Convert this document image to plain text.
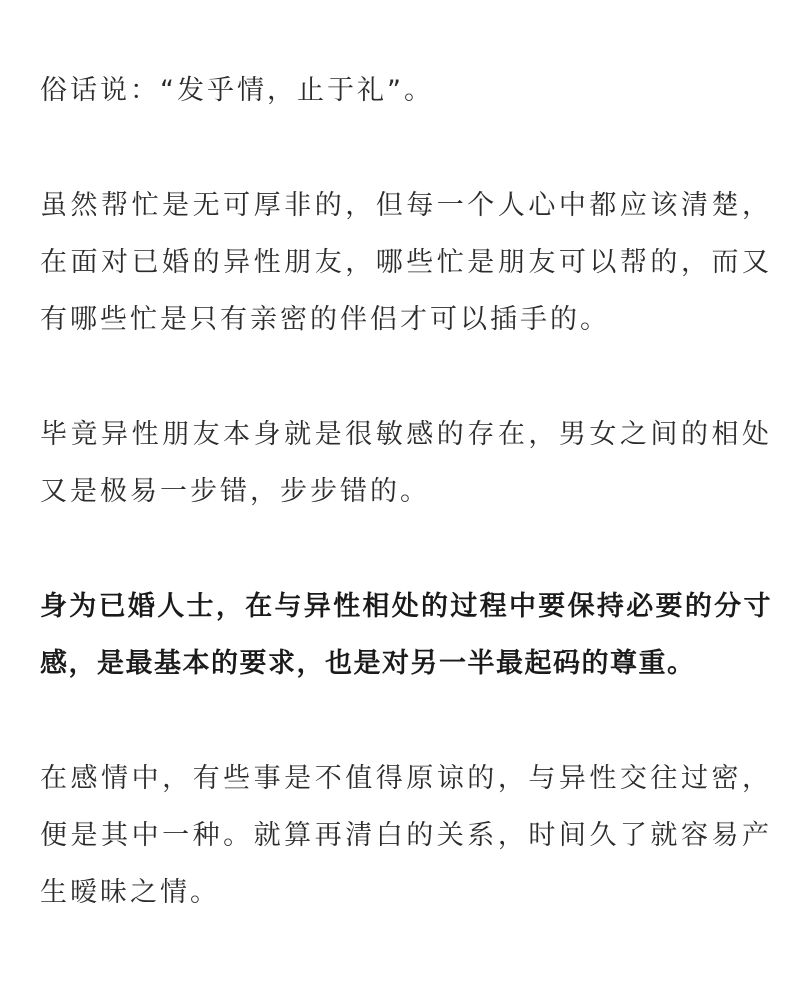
俗话说：“发乎情，止于礼”。

虽然帮忙是无可厚非的，但每一个人心中都应该清楚，在面对已婚的异性朋友，哪些忙是朋友可以帮的，而又有哪些忙是只有亲密的伴侣才可以插手的。

毕竟异性朋友本身就是很敏感的存在，男女之间的相处又是极易一步错，步步错的。

身为已婚人士，在与异性相处的过程中要保持必要的分寸感，是最基本的要求，也是对另一半最起码的尊重。

在感情中，有些事是不值得原谅的，与异性交往过密，便是其中一种。就算再清白的关系，时间久了就容易产生暧昧之情。
